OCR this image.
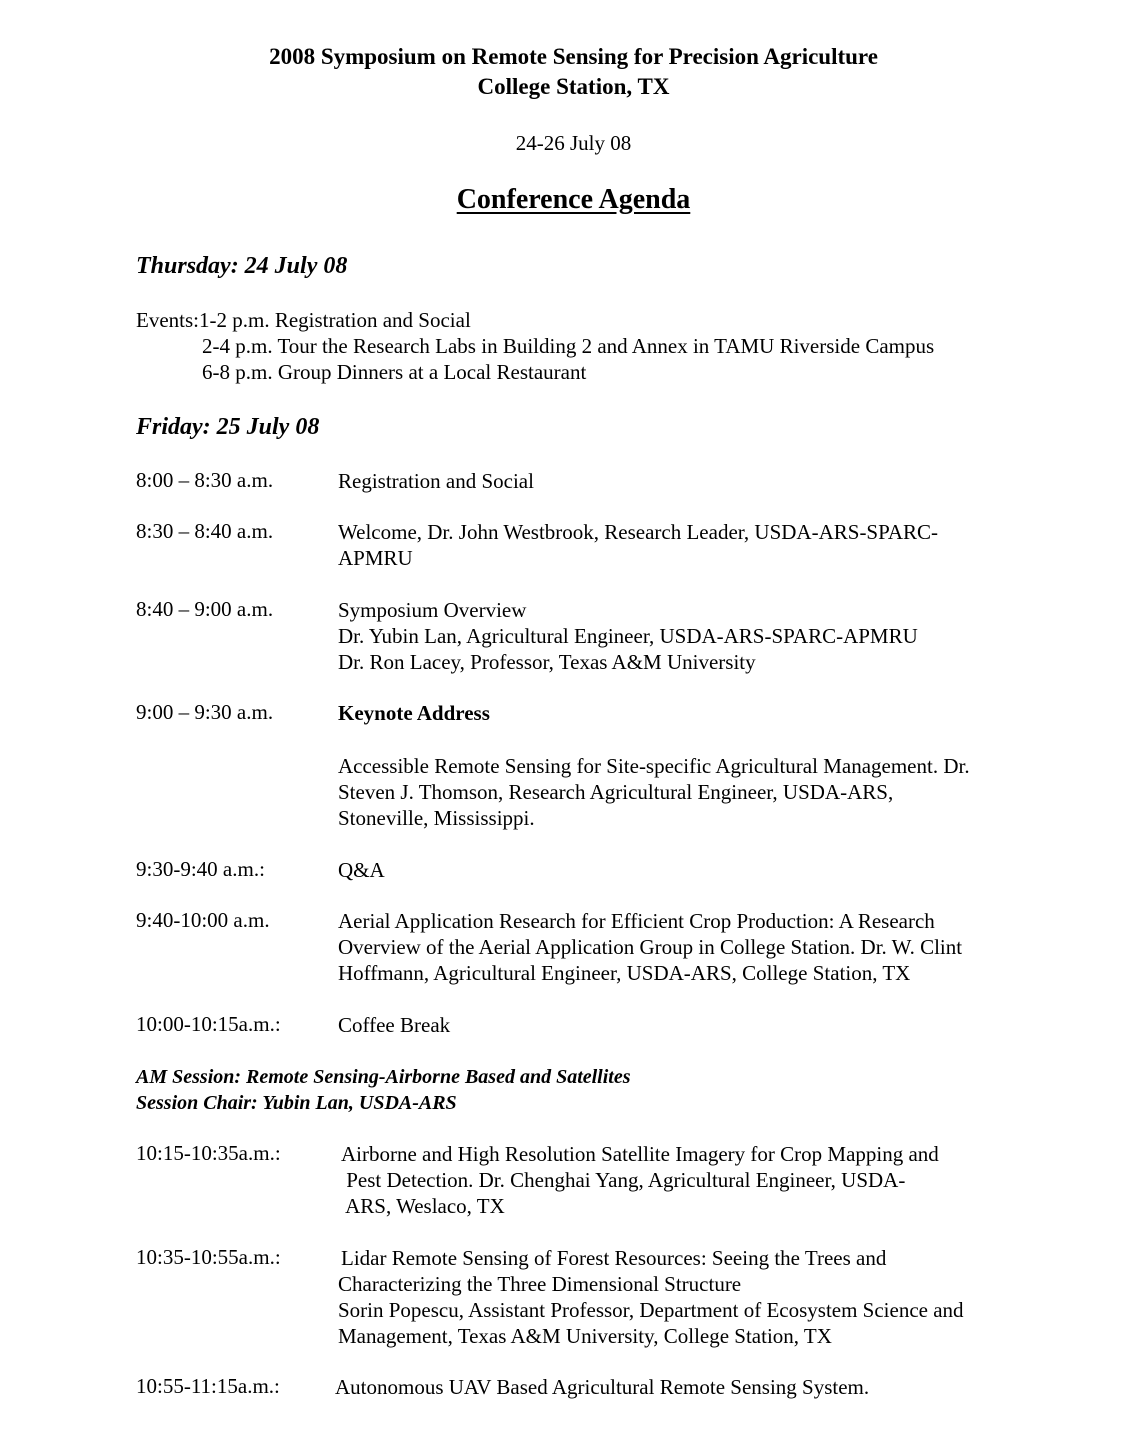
2008 Symposium on Remote Sensing for Precision Agriculture
College Station, TX
24-26 July 08
Conference Agenda
Thursday: 24 July 08
Events:1-2 p.m. Registration and Social
2-4 p.m. Tour the Research Labs in Building 2 and Annex in TAMU Riverside Campus
6-8 p.m. Group Dinners at a Local Restaurant
Friday: 25 July 08
8:00 – 8:30 a.m.	Registration and Social
8:30 – 8:40 a.m.	Welcome, Dr. John Westbrook, Research Leader, USDA-ARS-SPARC-
APMRU
8:40 – 9:00 a.m.	Symposium Overview
Dr. Yubin Lan, Agricultural Engineer, USDA-ARS-SPARC-APMRU
Dr. Ron Lacey, Professor, Texas A&M University
9:00 – 9:30 a.m.	Keynote Address
Accessible Remote Sensing for Site-specific Agricultural Management. Dr.
Steven J. Thomson, Research Agricultural Engineer, USDA-ARS,
Stoneville, Mississippi.
9:30-9:40 a.m.:	Q&A
9:40-10:00 a.m.	Aerial Application Research for Efficient Crop Production: A Research
Overview of the Aerial Application Group in College Station. Dr. W. Clint
Hoffmann, Agricultural Engineer, USDA-ARS, College Station, TX
10:00-10:15a.m.:	Coffee Break
AM Session: Remote Sensing-Airborne Based and Satellites
Session Chair: Yubin Lan, USDA-ARS
10:15-10:35a.m.:	Airborne and High Resolution Satellite Imagery for Crop Mapping and
Pest Detection. Dr. Chenghai Yang, Agricultural Engineer, USDA-
ARS, Weslaco, TX
10:35-10:55a.m.:	Lidar Remote Sensing of Forest Resources: Seeing the Trees and
Characterizing the Three Dimensional Structure
Sorin Popescu, Assistant Professor, Department of Ecosystem Science and
Management, Texas A&M University, College Station, TX
10:55-11:15a.m.:	Autonomous UAV Based Agricultural Remote Sensing System.
